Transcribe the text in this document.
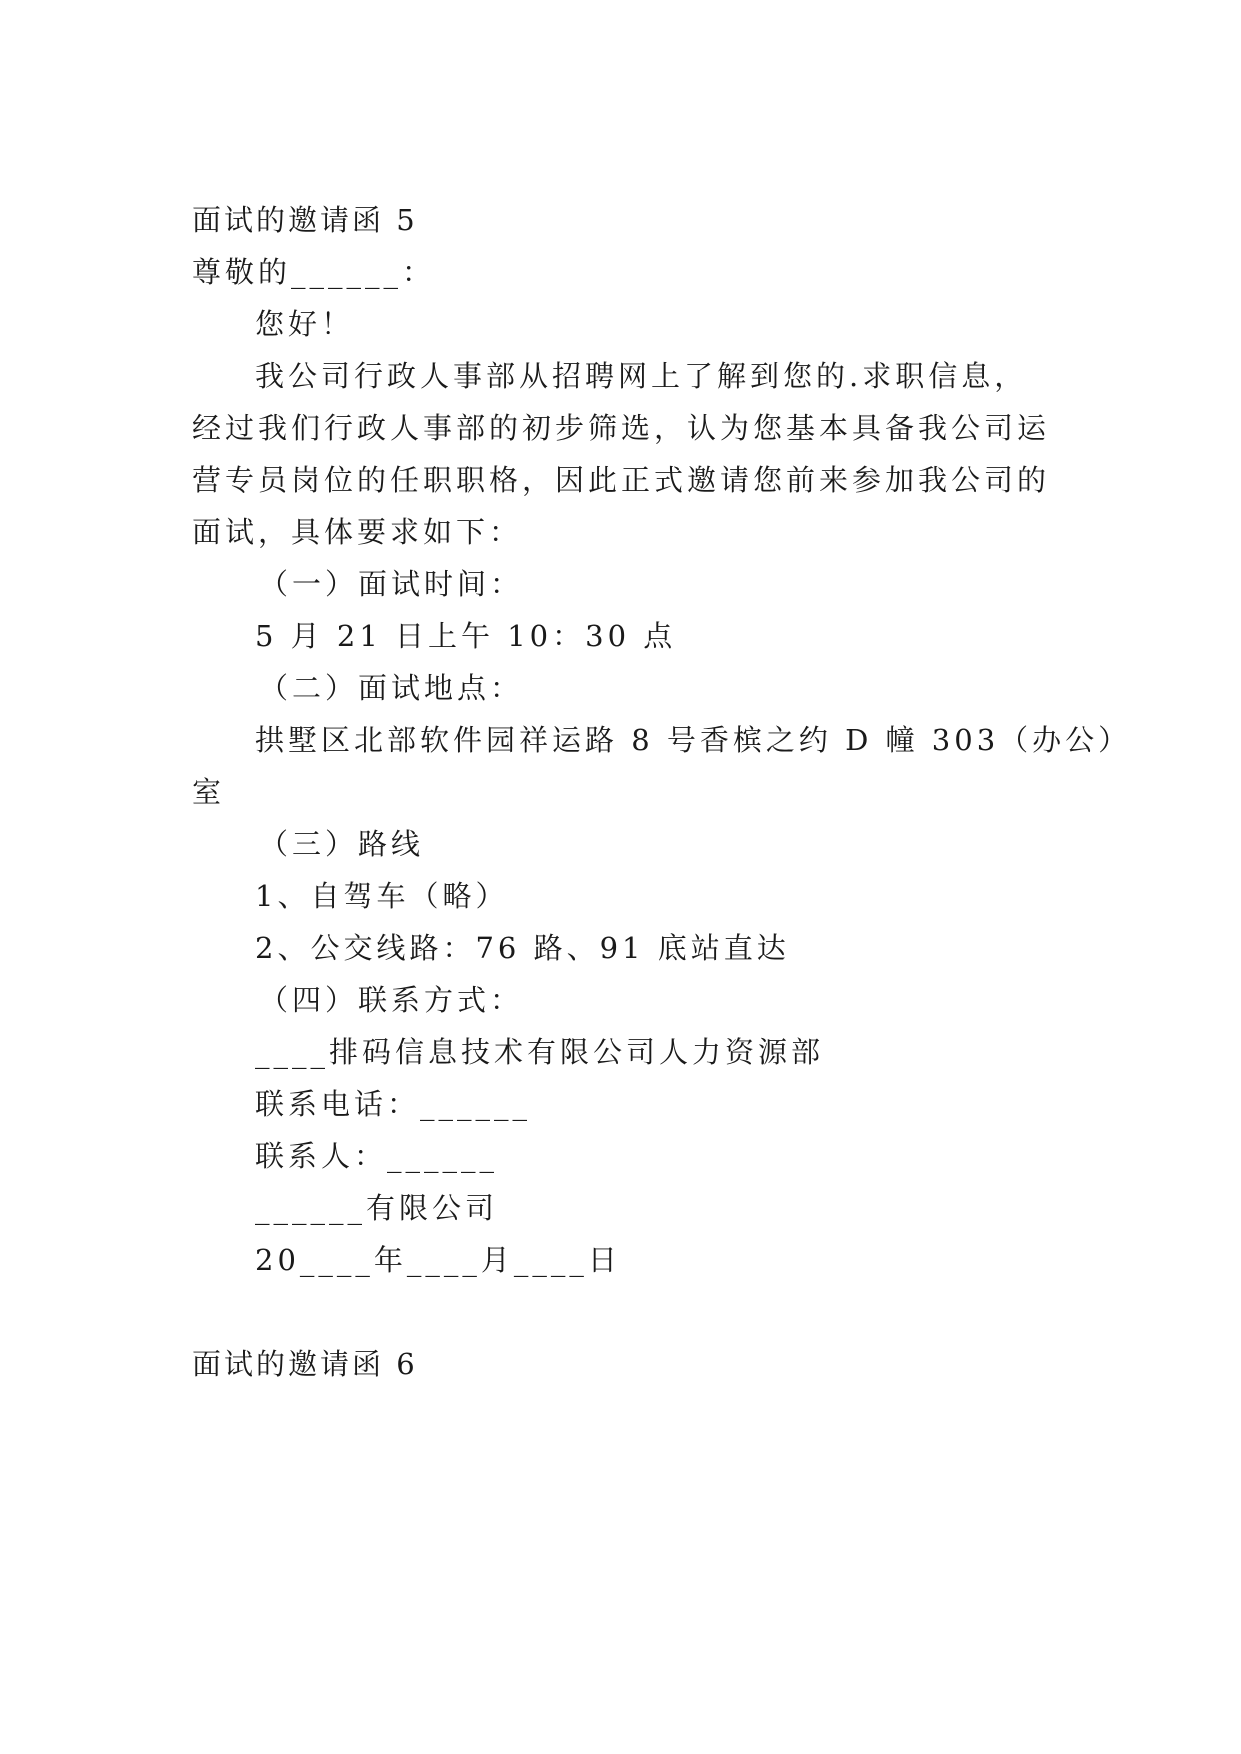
面试的邀请函 5
尊敬的______：
您好！
我公司行政人事部从招聘网上了解到您的.求职信息，
经过我们行政人事部的初步筛选，认为您基本具备我公司运
营专员岗位的任职职格，因此正式邀请您前来参加我公司的
面试，具体要求如下：
（一）面试时间：
5 月 21 日上午 10：30 点
（二）面试地点：
拱墅区北部软件园祥运路 8 号香槟之约 D 幢 303（办公）
室
（三）路线
1、自驾车（略）
2、公交线路：76 路、91 底站直达
（四）联系方式：
____排码信息技术有限公司人力资源部
联系电话：______
联系人：______
______有限公司
20____年____月____日
面试的邀请函 6
